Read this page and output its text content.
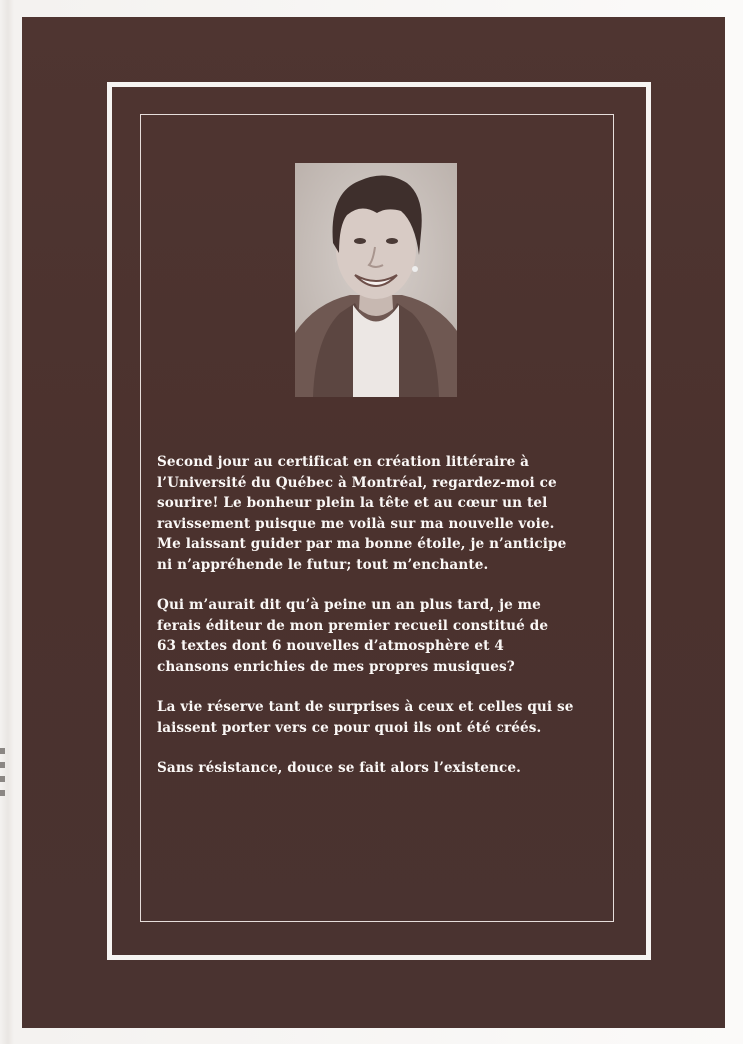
Second jour au certificat en création littéraire à
l’Université du Québec à Montréal, regardez-moi ce
sourire! Le bonheur plein la tête et au cœur un tel
ravissement puisque me voilà sur ma nouvelle voie.
Me laissant guider par ma bonne étoile, je n’anticipe
ni n’appréhende le futur; tout m’enchante.

Qui m’aurait dit qu’à peine un an plus tard, je me
ferais éditeur de mon premier recueil constitué de
63 textes dont 6 nouvelles d’atmosphère et 4
chansons enrichies de mes propres musiques?

La vie réserve tant de surprises à ceux et celles qui se
laissent porter vers ce pour quoi ils ont été créés.

Sans résistance, douce se fait alors l’existence.
